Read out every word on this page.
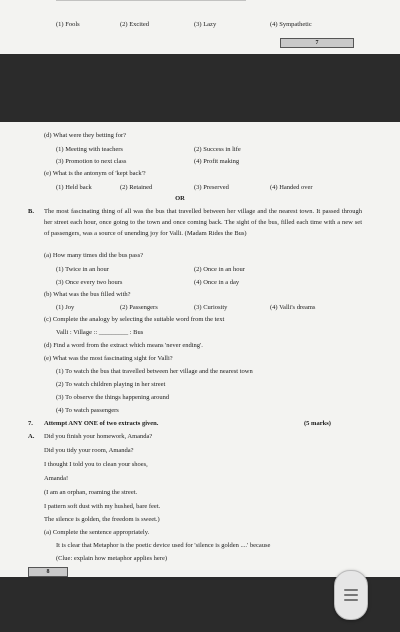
(1) Fools	(2) Excited	(3) Lazy	(4) Sympathetic
7
(d) What were they betting for?
(1) Meeting with teachers	(2) Success in life
(3) Promotion to next class	(4) Profit making
(e) What is the antonym of 'kept back'?
(1) Held back	(2) Retained	(3) Preserved	(4) Handed over
OR
B. The most fascinating thing of all was the bus that travelled between her village and the nearest town. It passed through her street each hour, once going to the town and once coming back. The sight of the bus, filled each time with a new set of passengers, was a source of unending joy for Valli. (Madam Rides the Bus)
(a) How many times did the bus pass?
(1) Twice in an hour	(2) Once in an hour
(3) Once every two hours	(4) Once in a day
(b) What was the bus filled with?
(1) Joy	(2) Passengers	(3) Curiosity	(4) Valli's dreams
(c) Complete the analogy by selecting the suitable word from the text
Valli : Village :: _________ : Bus
(d) Find a word from the extract which means 'never ending'.
(e) What was the most fascinating sight for Valli?
(1) To watch the bus that travelled between her village and the nearest town
(2) To watch children playing in her street
(3) To observe the things happening around
(4) To watch passengers
7. Attempt ANY ONE of two extracts given.	(5 marks)
A. Did you finish your homework, Amanda?
Did you tidy your room, Amanda?
I thought I told you to clean your shoes,
Amanda!
(I am an orphan, roaming the street.
I pattern soft dust with my hushed, bare feet.
The silence is golden, the freedom is sweet.)
(a) Complete the sentence appropriately.
It is clear that Metaphor is the poetic device used for 'silence is golden ....' because
(Clue: explain how metaphor applies here)
8
